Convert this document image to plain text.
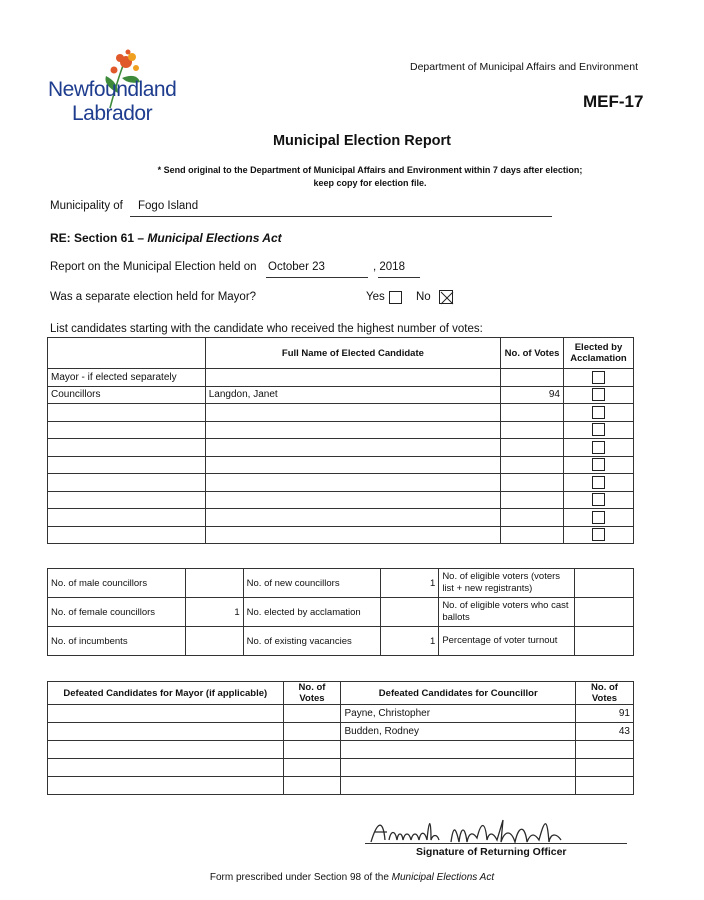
Newfoundland
Labrador
Department of Municipal Affairs and Environment
MEF-17
Municipal Election Report
* Send original to the Department of Municipal Affairs and Environment within 7 days after election;
keep copy for election file.
Municipality of Fogo Island
RE: Section 61 – Municipal Elections Act
Report on the Municipal Election held on October 23	, 2018
Was a separate election held for Mayor?	Yes	No
List candidates starting with the candidate who received the highest number of votes:
	Full Name of Elected Candidate	No. of Votes	Elected by Acclamation
Mayor - if elected separately			

Councillors	Langdon, Janet	94	

No. of male councillors		No. of new councillors	1	No. of eligible voters (voters list + new registrants)	
No. of female councillors	1	No. elected by acclamation		No. of eligible voters who cast ballots	
No. of incumbents		No. of existing vacancies	1	Percentage of voter turnout	
Defeated Candidates for Mayor (if applicable)	No. of Votes	Defeated Candidates for Councillor	No. of Votes
		Payne, Christopher	91
		Budden, Rodney	43

Signature of Returning Officer
Form prescribed under Section 98 of the Municipal Elections Act
